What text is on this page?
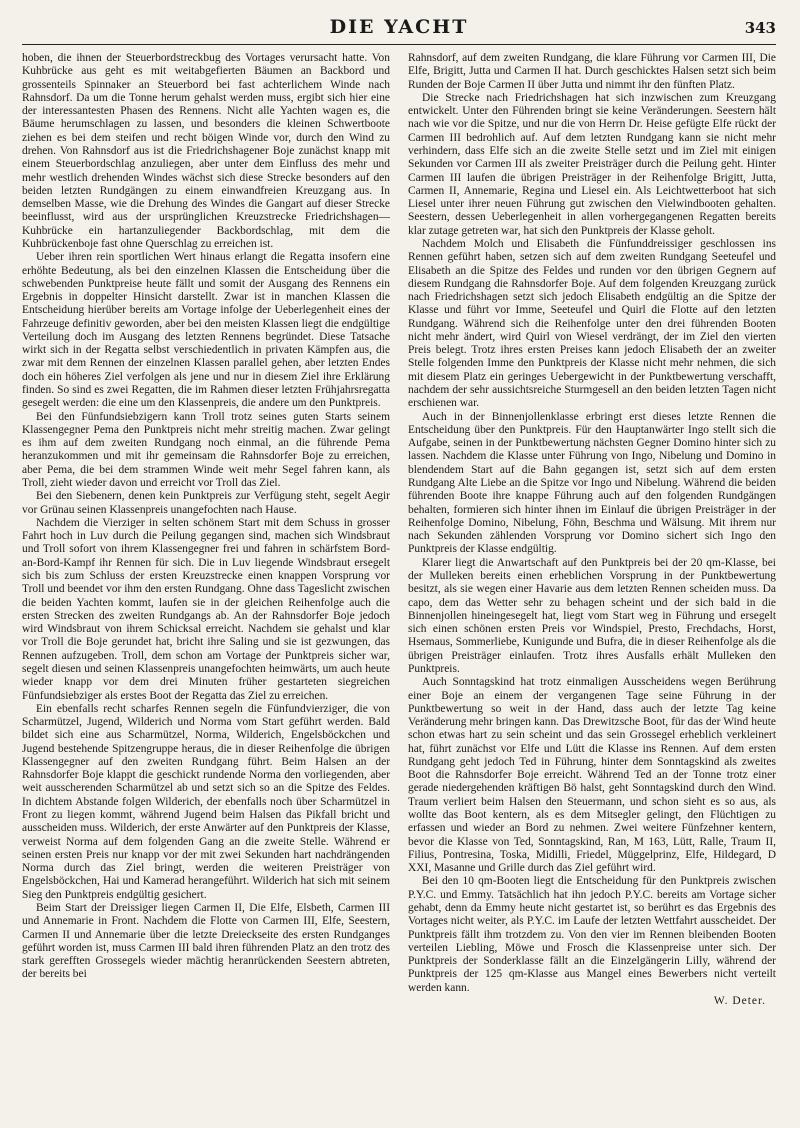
DIE YACHT	343

hoben, die ihnen der Steuerbordstreckbug des Vortages verursacht hatte. Von Kuhbrücke aus geht es mit weitabgefierten Bäumen an Backbord und grossenteils Spinnaker an Steuerbord bei fast achterlichem Winde nach Rahnsdorf. Da um die Tonne herum gehalst werden muss, ergibt sich hier eine der interessantesten Phasen des Rennens. Nicht alle Yachten wagen es, die Bäume herumschlagen zu lassen, und besonders die kleinen Schwertboote ziehen es bei dem steifen und recht böigen Winde vor, durch den Wind zu drehen. Von Rahnsdorf aus ist die Friedrichshagener Boje zunächst knapp mit einem Steuerbordschlag anzuliegen, aber unter dem Einfluss des mehr und mehr westlich drehenden Windes wächst sich diese Strecke besonders auf den beiden letzten Rundgängen zu einem einwandfreien Kreuzgang aus. In demselben Masse, wie die Drehung des Windes die Gangart auf dieser Strecke beeinflusst, wird aus der ursprünglichen Kreuzstrecke Friedrichshagen—Kuhbrücke ein hartanzuliegender Backbordschlag, mit dem die Kuhbrückenboje fast ohne Querschlag zu erreichen ist.

Ueber ihren rein sportlichen Wert hinaus erlangt die Regatta insofern eine erhöhte Bedeutung, als bei den einzelnen Klassen die Entscheidung über die schwebenden Punktpreise heute fällt und somit der Ausgang des Rennens ein Ergebnis in doppelter Hinsicht darstellt. Zwar ist in manchen Klassen die Entscheidung hierüber bereits am Vortage infolge der Ueberlegenheit eines der Fahrzeuge definitiv geworden, aber bei den meisten Klassen liegt die endgültige Verteilung doch im Ausgang des letzten Rennens begründet. Diese Tatsache wirkt sich in der Regatta selbst verschiedentlich in privaten Kämpfen aus, die zwar mit dem Rennen der einzelnen Klassen parallel gehen, aber letzten Endes doch ein höheres Ziel verfolgen als jene und nur in diesem Ziel ihre Erklärung finden. So sind es zwei Regatten, die im Rahmen dieser letzten Frühjahrsregatta gesegelt werden: die eine um den Klassenpreis, die andere um den Punktpreis.

Bei den Fünfundsiebzigern kann Troll trotz seines guten Starts seinem Klassengegner Pema den Punktpreis nicht mehr streitig machen. Zwar gelingt es ihm auf dem zweiten Rundgang noch einmal, an die führende Pema heranzukommen und mit ihr gemeinsam die Rahnsdorfer Boje zu erreichen, aber Pema, die bei dem strammen Winde weit mehr Segel fahren kann, als Troll, zieht wieder davon und erreicht vor Troll das Ziel.

Bei den Siebenern, denen kein Punktpreis zur Verfügung steht, segelt Aegir vor Grünau seinen Klassenpreis unangefochten nach Hause.

Nachdem die Vierziger in selten schönem Start mit dem Schuss in grosser Fahrt hoch in Luv durch die Peilung gegangen sind, machen sich Windsbraut und Troll sofort von ihrem Klassengegner frei und fahren in schärfstem Bord-an-Bord-Kampf ihr Rennen für sich. Die in Luv liegende Windsbraut ersegelt sich bis zum Schluss der ersten Kreuzstrecke einen knappen Vorsprung vor Troll und beendet vor ihm den ersten Rundgang. Ohne dass Tageslicht zwischen die beiden Yachten kommt, laufen sie in der gleichen Reihenfolge auch die ersten Strecken des zweiten Rundgangs ab. An der Rahnsdorfer Boje jedoch wird Windsbraut von ihrem Schicksal erreicht. Nachdem sie gehalst und klar vor Troll die Boje gerundet hat, bricht ihre Saling und sie ist gezwungen, das Rennen aufzugeben. Troll, dem schon am Vortage der Punktpreis sicher war, segelt diesen und seinen Klassenpreis unangefochten heimwärts, um auch heute wieder knapp vor dem drei Minuten früher gestarteten siegreichen Fünfundsiebziger als erstes Boot der Regatta das Ziel zu erreichen.

Ein ebenfalls recht scharfes Rennen segeln die Fünfundvierziger, die von Scharmützel, Jugend, Wilderich und Norma vom Start geführt werden. Bald bildet sich eine aus Scharmützel, Norma, Wilderich, Engelsböckchen und Jugend bestehende Spitzengruppe heraus, die in dieser Reihenfolge die übrigen Klassengegner auf den zweiten Rundgang führt. Beim Halsen an der Rahnsdorfer Boje klappt die geschickt rundende Norma den vorliegenden, aber weit ausscherenden Scharmützel ab und setzt sich so an die Spitze des Feldes. In dichtem Abstande folgen Wilderich, der ebenfalls noch über Scharmützel in Front zu liegen kommt, während Jugend beim Halsen das Pikfall bricht und ausscheiden muss. Wilderich, der erste Anwärter auf den Punktpreis der Klasse, verweist Norma auf dem folgenden Gang an die zweite Stelle. Während er seinen ersten Preis nur knapp vor der mit zwei Sekunden hart nachdrängenden Norma durch das Ziel bringt, werden die weiteren Preisträger von Engelsböckchen, Hai und Kamerad herangeführt. Wilderich hat sich mit seinem Sieg den Punktpreis endgültig gesichert.

Beim Start der Dreissiger liegen Carmen II, Die Elfe, Elsbeth, Carmen III und Annemarie in Front. Nachdem die Flotte von Carmen III, Elfe, Seestern, Carmen II und Annemarie über die letzte Dreieckseite des ersten Rundganges geführt worden ist, muss Carmen III bald ihren führenden Platz an den trotz des stark gerefften Grossegels wieder mächtig heranrückenden Seestern abtreten, der bereits bei

Rahnsdorf, auf dem zweiten Rundgang, die klare Führung vor Carmen III, Die Elfe, Brigitt, Jutta und Carmen II hat. Durch geschicktes Halsen setzt sich beim Runden der Boje Carmen II über Jutta und nimmt ihr den fünften Platz.

Die Strecke nach Friedrichshagen hat sich inzwischen zum Kreuzgang entwickelt. Unter den Führenden bringt sie keine Veränderungen. Seestern hält nach wie vor die Spitze, und nur die von Herrn Dr. Heise gefügte Elfe rückt der Carmen III bedrohlich auf. Auf dem letzten Rundgang kann sie nicht mehr verhindern, dass Elfe sich an die zweite Stelle setzt und im Ziel mit einigen Sekunden vor Carmen III als zweiter Preisträger durch die Peilung geht. Hinter Carmen III laufen die übrigen Preisträger in der Reihenfolge Brigitt, Jutta, Carmen II, Annemarie, Regina und Liesel ein. Als Leichtwetterboot hat sich Liesel unter ihrer neuen Führung gut zwischen den Vielwindbooten gehalten. Seestern, dessen Ueberlegenheit in allen vorhergegangenen Regatten bereits klar zutage getreten war, hat sich den Punktpreis der Klasse geholt.

Nachdem Molch und Elisabeth die Fünfunddreissiger geschlossen ins Rennen geführt haben, setzen sich auf dem zweiten Rundgang Seeteufel und Elisabeth an die Spitze des Feldes und runden vor den übrigen Gegnern auf diesem Rundgang die Rahnsdorfer Boje. Auf dem folgenden Kreuzgang zurück nach Friedrichshagen setzt sich jedoch Elisabeth endgültig an die Spitze der Klasse und führt vor Imme, Seeteufel und Quirl die Flotte auf den letzten Rundgang. Während sich die Reihenfolge unter den drei führenden Booten nicht mehr ändert, wird Quirl von Wiesel verdrängt, der im Ziel den vierten Preis belegt. Trotz ihres ersten Preises kann jedoch Elisabeth der an zweiter Stelle folgenden Imme den Punktpreis der Klasse nicht mehr nehmen, die sich mit diesem Platz ein geringes Uebergewicht in der Punktbewertung verschafft, nachdem der sehr aussichtsreiche Sturmgesell an den beiden letzten Tagen nicht erschienen war.

Auch in der Binnenjollenklasse erbringt erst dieses letzte Rennen die Entscheidung über den Punktpreis. Für den Hauptanwärter Ingo stellt sich die Aufgabe, seinen in der Punktbewertung nächsten Gegner Domino hinter sich zu lassen. Nachdem die Klasse unter Führung von Ingo, Nibelung und Domino in blendendem Start auf die Bahn gegangen ist, setzt sich auf dem ersten Rundgang Alte Liebe an die Spitze vor Ingo und Nibelung. Während die beiden führenden Boote ihre knappe Führung auch auf den folgenden Rundgängen behalten, formieren sich hinter ihnen im Einlauf die übrigen Preisträger in der Reihenfolge Domino, Nibelung, Föhn, Beschma und Wälsung. Mit ihrem nur nach Sekunden zählenden Vorsprung vor Domino sichert sich Ingo den Punktpreis der Klasse endgültig.

Klarer liegt die Anwartschaft auf den Punktpreis bei der 20 qm-Klasse, bei der Mulleken bereits einen erheblichen Vorsprung in der Punktbewertung besitzt, als sie wegen einer Havarie aus dem letzten Rennen scheiden muss. Da capo, dem das Wetter sehr zu behagen scheint und der sich bald in die Binnenjollen hineingesegelt hat, liegt vom Start weg in Führung und ersegelt sich einen schönen ersten Preis vor Windspiel, Presto, Frechdachs, Horst, Hsemaus, Sommerliebe, Kunigunde und Bufra, die in dieser Reihenfolge als die übrigen Preisträger einlaufen. Trotz ihres Ausfalls erhält Mulleken den Punktpreis.

Auch Sonntagskind hat trotz einmaligen Ausscheidens wegen Berührung einer Boje an einem der vergangenen Tage seine Führung in der Punktbewertung so weit in der Hand, dass auch der letzte Tag keine Veränderung mehr bringen kann. Das Drewitzsche Boot, für das der Wind heute schon etwas hart zu sein scheint und das sein Grossegel erheblich verkleinert hat, führt zunächst vor Elfe und Lütt die Klasse ins Rennen. Auf dem ersten Rundgang geht jedoch Ted in Führung, hinter dem Sonntagskind als zweites Boot die Rahnsdorfer Boje erreicht. Während Ted an der Tonne trotz einer gerade niedergehenden kräftigen Bö halst, geht Sonntagskind durch den Wind. Traum verliert beim Halsen den Steuermann, und schon sieht es so aus, als wollte das Boot kentern, als es dem Mitsegler gelingt, den Flüchtigen zu erfassen und wieder an Bord zu nehmen. Zwei weitere Fünfzehner kentern, bevor die Klasse von Ted, Sonntagskind, Ran, M 163, Lütt, Ralle, Traum II, Filius, Pontresina, Toska, Midilli, Friedel, Müggelprinz, Elfe, Hildegard, D XXI, Masanne und Grille durch das Ziel geführt wird.

Bei den 10 qm-Booten liegt die Entscheidung für den Punktpreis zwischen P.Y.C. und Emmy. Tatsächlich hat ihn jedoch P.Y.C. bereits am Vortage sicher gehabt, denn da Emmy heute nicht gestartet ist, so berührt es das Ergebnis des Vortages nicht weiter, als P.Y.C. im Laufe der letzten Wettfahrt ausscheidet. Der Punktpreis fällt ihm trotzdem zu. Von den vier im Rennen bleibenden Booten verteilen Liebling, Möwe und Frosch die Klassenpreise unter sich. Der Punktpreis der Sonderklasse fällt an die Einzelgängerin Lilly, während der Punktpreis der 125 qm-Klasse aus Mangel eines Bewerbers nicht verteilt werden kann.

W. Deter.
